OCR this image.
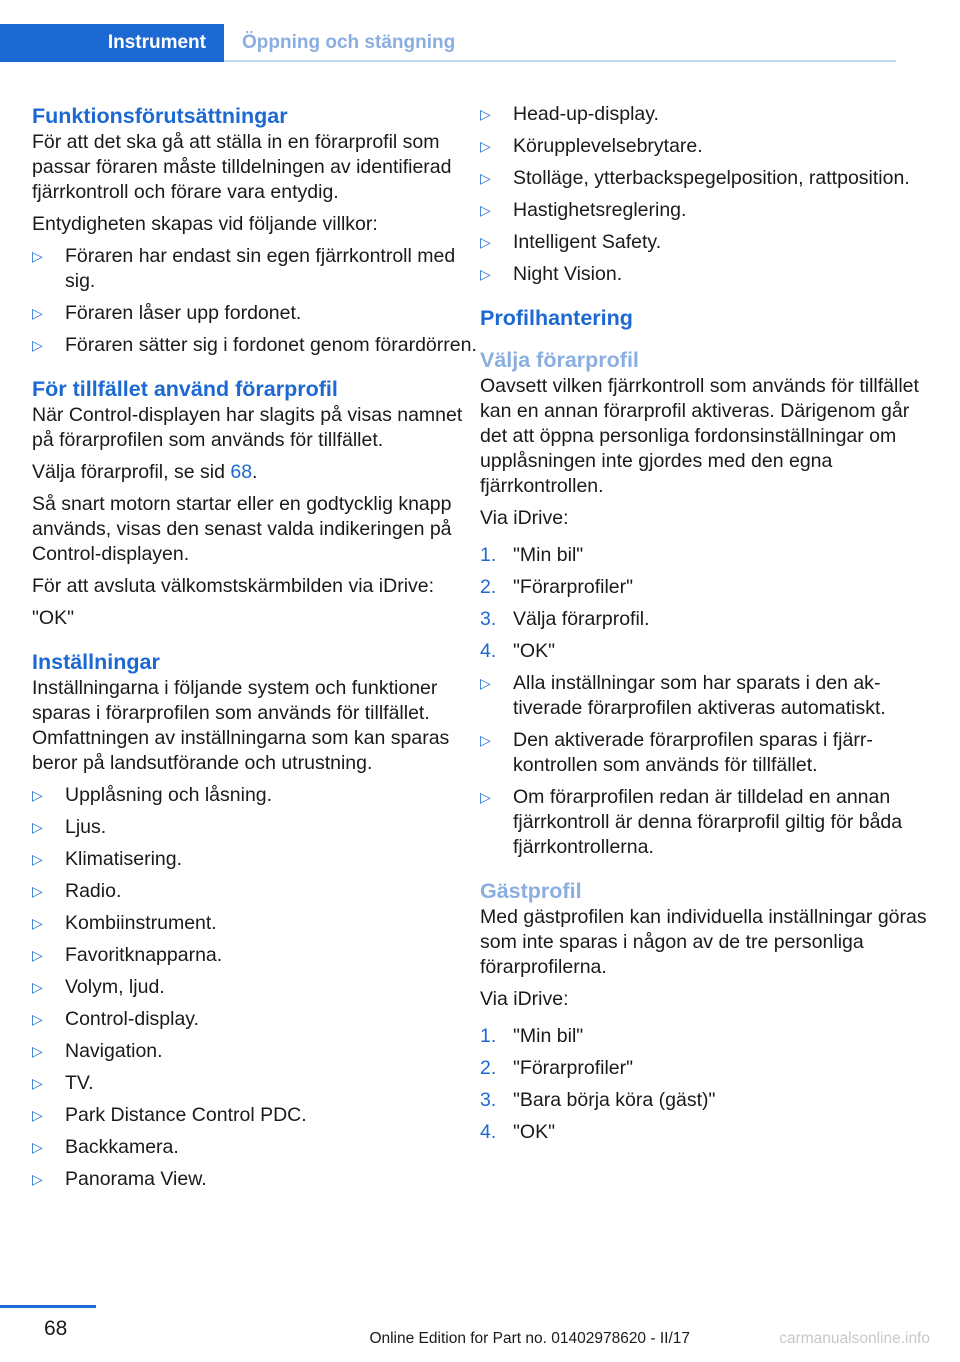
Instrument	Öppning och stängning
Funktionsförutsättningar

För att det ska gå att ställa in en förarprofil som passar föraren måste tilldelningen av identifierad fjärrkontroll och förare vara entydig.

Entydigheten skapas vid följande villkor:

▷ Föraren har endast sin egen fjärrkontroll med sig.
▷ Föraren låser upp fordonet.
▷ Föraren sätter sig i fordonet genom förardörren.
För tillfället använd förarprofil

När Control-displayen har slagits på visas namnet på förarprofilen som används för tillfället.

Välja förarprofil, se sid 68.

Så snart motorn startar eller en godtycklig knapp används, visas den senast valda indikeringen på Control-displayen.

För att avsluta välkomstskärmbilden via iDrive:

"OK"

Inställningar

Inställningarna i följande system och funktioner sparas i förarprofilen som används för tillfället. Omfattningen av inställningarna som kan sparas beror på landsutförande och utrustning.

▷ Upplåsning och låsning.
▷ Ljus.
▷ Klimatisering.
▷ Radio.
▷ Kombiinstrument.
▷ Favoritknapparna.
▷ Volym, ljud.
▷ Control-display.
▷ Navigation.
▷ TV.
▷ Park Distance Control PDC.
▷ Backkamera.
▷ Panorama View.
▷ Head-up-display.
▷ Körupplevelsebrytare.
▷ Stolläge, ytterbackspegelposition, rattposition.
▷ Hastighetsreglering.
▷ Intelligent Safety.
▷ Night Vision.
Profilhantering
Välja förarprofil

Oavsett vilken fjärrkontroll som används för tillfället kan en annan förarprofil aktiveras. Därigenom går det att öppna personliga fordonsinställningar om upplåsningen inte gjordes med den egna fjärrkontrollen.

Via iDrive:

1. "Min bil"
2. "Förarprofiler"
3. Välja förarprofil.
4. "OK"
▷ Alla inställningar som har sparats i den aktiverade förarprofilen aktiveras automatiskt.
▷ Den aktiverade förarprofilen sparas i fjärrkontrollen som används för tillfället.
▷ Om förarprofilen redan är tilldelad en annan fjärrkontroll är denna förarprofil giltig för båda fjärrkontrollerna.
Gästprofil

Med gästprofilen kan individuella inställningar göras som inte sparas i någon av de tre personliga förarprofilerna.

Via iDrive:

1. "Min bil"
2. "Förarprofiler"
3. "Bara börja köra (gäst)"
4. "OK"
68	Online Edition for Part no. 01402978620 - II/17	carmanualsonline.info
